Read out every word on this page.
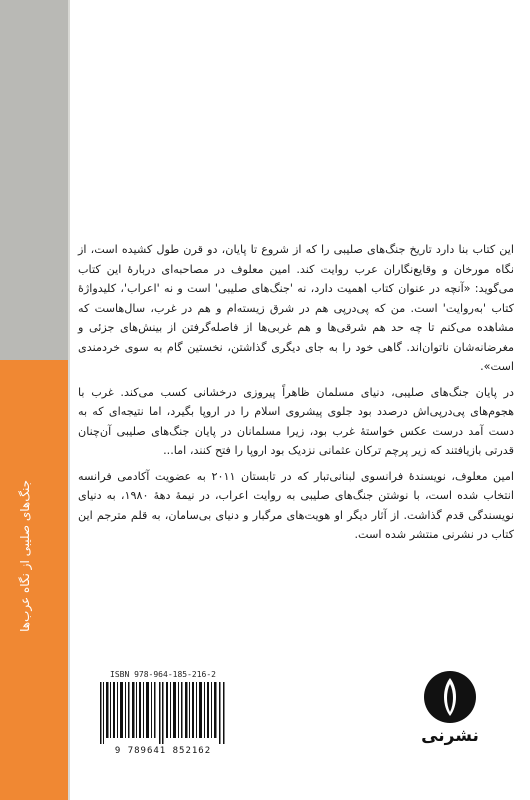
جنگ‌های صلیبی از نگاه عرب‌ها

این کتاب بنا دارد تاریخ جنگ‌های صلیبی را که از شروع تا پایان، دو قرن طول کشیده است، از نگاه مورخان و وقایع‌نگاران عرب روایت کند. امین معلوف در مصاحبه‌ای دربارهٔ این کتاب می‌گوید: «آنچه در عنوان کتاب اهمیت دارد، نه 'جنگ‌های صلیبی' است و نه 'اعراب'، کلیدواژهٔ کتاب 'به‌روایت' است. من که پی‌درپی هم در شرق زیسته‌ام و هم در غرب، سال‌هاست که مشاهده می‌کنم تا چه حد هم شرقی‌ها و هم غربی‌ها از فاصله‌گرفتن از بینش‌های جزئی و مغرضانه‌شان ناتوان‌اند. گاهی خود را به جای دیگری گذاشتن، نخستین گام به سوی خردمندی است».

در پایان جنگ‌های صلیبی، دنیای مسلمان ظاهراً پیروزی درخشانی کسب می‌کند. غرب با هجوم‌های پی‌درپی‌اش درصدد بود جلوی پیشروی اسلام را در اروپا بگیرد، اما نتیجه‌ای که به دست آمد درست عکس خواستهٔ غرب بود، زیرا مسلمانان در پایان جنگ‌های صلیبی آن‌چنان قدرتی بازیافتند که زیر پرچم ترکان عثمانی نزدیک بود اروپا را فتح کنند، اما...

امین معلوف، نویسندهٔ فرانسوی لبنانی‌تبار که در تابستان ۲۰۱۱ به عضویت آکادمی فرانسه انتخاب شده است، با نوشتن جنگ‌های صلیبی به روایت اعراب، در نیمهٔ دههٔ ۱۹۸۰، به دنیای نویسندگی قدم گذاشت. از آثار دیگر او هویت‌های مرگبار و دنیای بی‌سامان، به قلم مترجم این کتاب در نشرنی منتشر شده است.

ISBN 978-964-185-216-2
9 789641 852162
نشرنی
